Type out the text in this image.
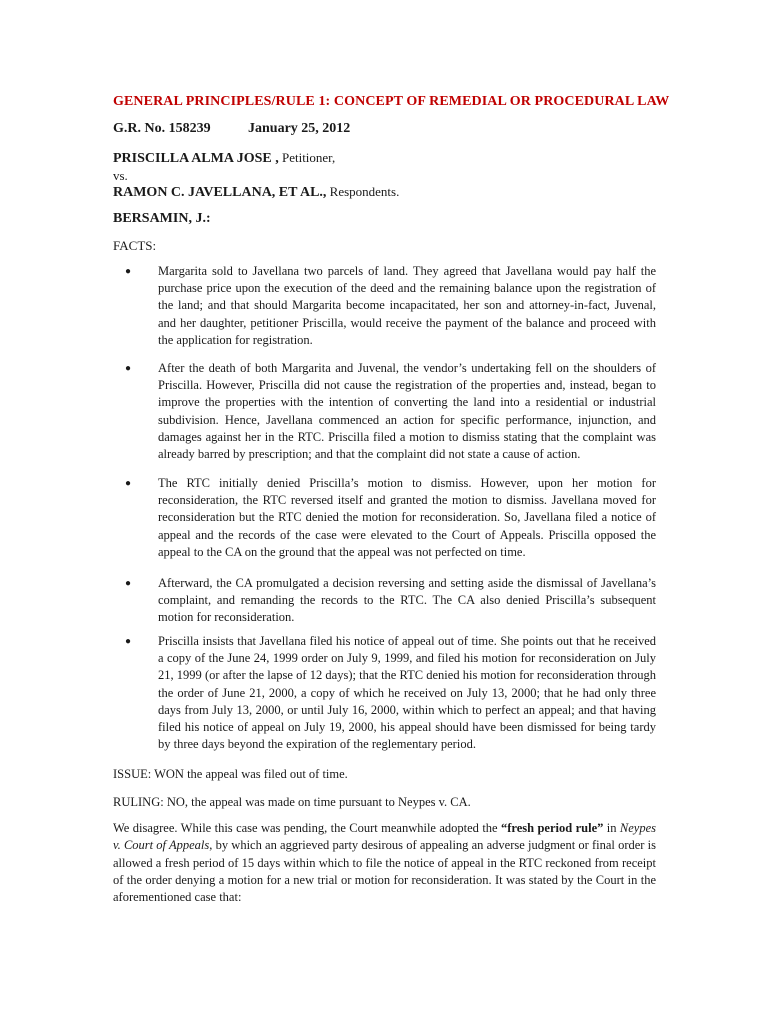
GENERAL PRINCIPLES/RULE 1: CONCEPT OF REMEDIAL OR PROCEDURAL LAW
G.R. No. 158239	January 25, 2012
PRISCILLA ALMA JOSE , Petitioner,
vs.
RAMON C. JAVELLANA, ET AL., Respondents.
BERSAMIN, J.:
FACTS:
● Margarita sold to Javellana two parcels of land. They agreed that Javellana would pay half the purchase price upon the execution of the deed and the remaining balance upon the registration of the land; and that should Margarita become incapacitated, her son and attorney-in-fact, Juvenal, and her daughter, petitioner Priscilla, would receive the payment of the balance and proceed with the application for registration.
● After the death of both Margarita and Juvenal, the vendor’s undertaking fell on the shoulders of Priscilla. However, Priscilla did not cause the registration of the properties and, instead, began to improve the properties with the intention of converting the land into a residential or industrial subdivision. Hence, Javellana commenced an action for specific performance, injunction, and damages against her in the RTC. Priscilla filed a motion to dismiss stating that the complaint was already barred by prescription; and that the complaint did not state a cause of action.
● The RTC initially denied Priscilla’s motion to dismiss. However, upon her motion for reconsideration, the RTC reversed itself and granted the motion to dismiss. Javellana moved for reconsideration but the RTC denied the motion for reconsideration. So, Javellana filed a notice of appeal and the records of the case were elevated to the Court of Appeals. Priscilla opposed the appeal to the CA on the ground that the appeal was not perfected on time.
● Afterward, the CA promulgated a decision reversing and setting aside the dismissal of Javellana’s complaint, and remanding the records to the RTC. The CA also denied Priscilla’s subsequent motion for reconsideration.
● Priscilla insists that Javellana filed his notice of appeal out of time. She points out that he received a copy of the June 24, 1999 order on July 9, 1999, and filed his motion for reconsideration on July 21, 1999 (or after the lapse of 12 days); that the RTC denied his motion for reconsideration through the order of June 21, 2000, a copy of which he received on July 13, 2000; that he had only three days from July 13, 2000, or until July 16, 2000, within which to perfect an appeal; and that having filed his notice of appeal on July 19, 2000, his appeal should have been dismissed for being tardy by three days beyond the expiration of the reglementary period.
ISSUE: WON the appeal was filed out of time.
RULING: NO, the appeal was made on time pursuant to Neypes v. CA.
We disagree. While this case was pending, the Court meanwhile adopted the “fresh period rule” in Neypes v. Court of Appeals, by which an aggrieved party desirous of appealing an adverse judgment or final order is allowed a fresh period of 15 days within which to file the notice of appeal in the RTC reckoned from receipt of the order denying a motion for a new trial or motion for reconsideration. It was stated by the Court in the aforementioned case that:
